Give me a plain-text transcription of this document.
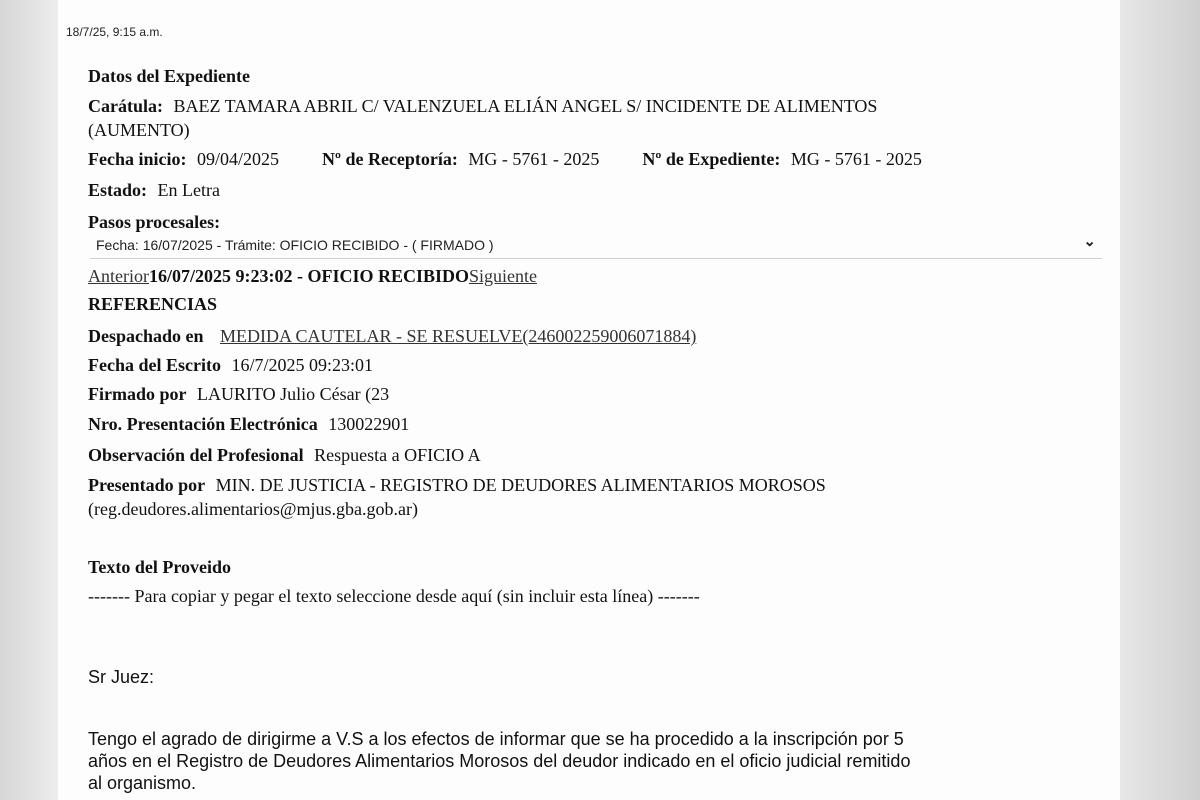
18/7/25, 9:15 a.m.
Datos del Expediente
Carátula: BAEZ TAMARA ABRIL C/ VALENZUELA ELIÁN ANGEL S/ INCIDENTE DE ALIMENTOS
(AUMENTO)
Fecha inicio: 09/04/2025 Nº de Receptoría: MG - 5761 - 2025 Nº de Expediente: MG - 5761 - 2025
Estado: En Letra
Pasos procesales:
Fecha: 16/07/2025 - Trámite: OFICIO RECIBIDO - ( FIRMADO )	⌄
Anterior16/07/2025 9:23:02 - OFICIO RECIBIDOSiguiente
REFERENCIAS
Despachado en MEDIDA CAUTELAR - SE RESUELVE(246002259006071884)
Fecha del Escrito 16/7/2025 09:23:01
Firmado por LAURITO Julio César (23
Nro. Presentación Electrónica 130022901
Observación del Profesional Respuesta a OFICIO A
Presentado por MIN. DE JUSTICIA - REGISTRO DE DEUDORES ALIMENTARIOS MOROSOS
(reg.deudores.alimentarios@mjus.gba.gob.ar)
Texto del Proveido
------- Para copiar y pegar el texto seleccione desde aquí (sin incluir esta línea) -------
Sr Juez:
Tengo el agrado de dirigirme a V.S a los efectos de informar que se ha procedido a la inscripción por 5
años en el Registro de Deudores Alimentarios Morosos del deudor indicado en el oficio judicial remitido
al organismo.
